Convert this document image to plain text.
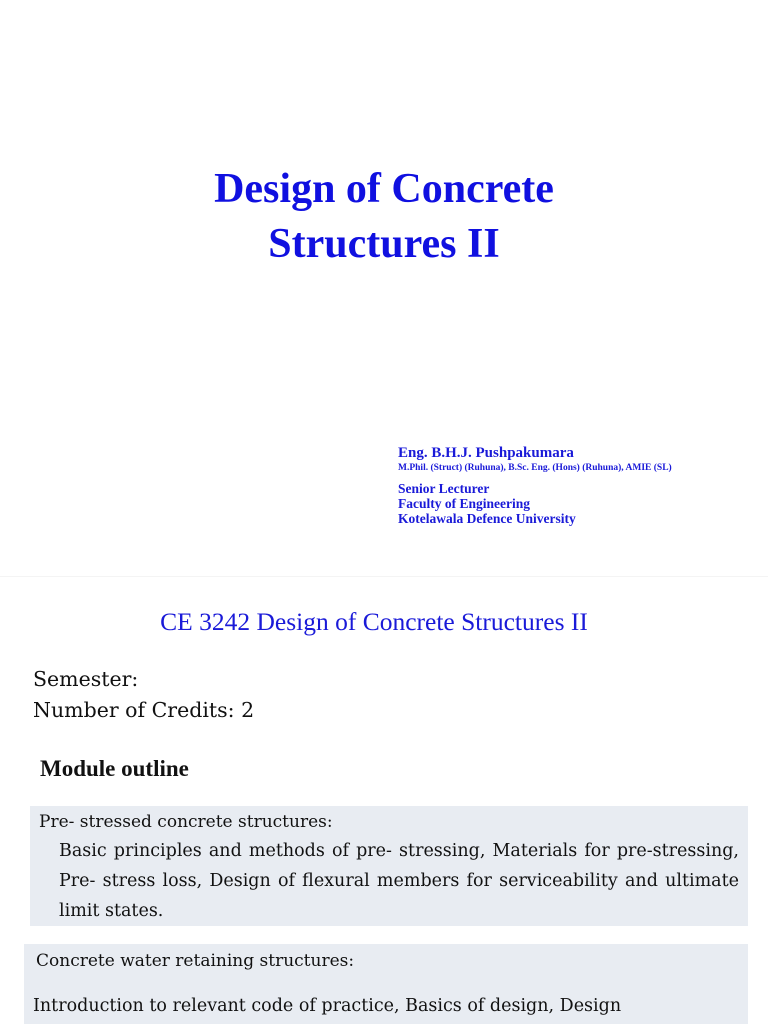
Design of Concrete
Structures II
Eng. B.H.J. Pushpakumara
M.Phil. (Struct) (Ruhuna), B.Sc. Eng. (Hons) (Ruhuna), AMIE (SL)
Senior Lecturer
Faculty of Engineering
Kotelawala Defence University
CE 3242 Design of Concrete Structures II
Semester:
Number of Credits: 2
Module outline
Pre- stressed concrete structures:
Basic principles and methods of pre- stressing, Materials for pre-stressing, Pre- stress loss, Design of flexural members for serviceability and ultimate limit states.
Concrete water retaining structures:
Introduction to relevant code of practice, Basics of design, Design
